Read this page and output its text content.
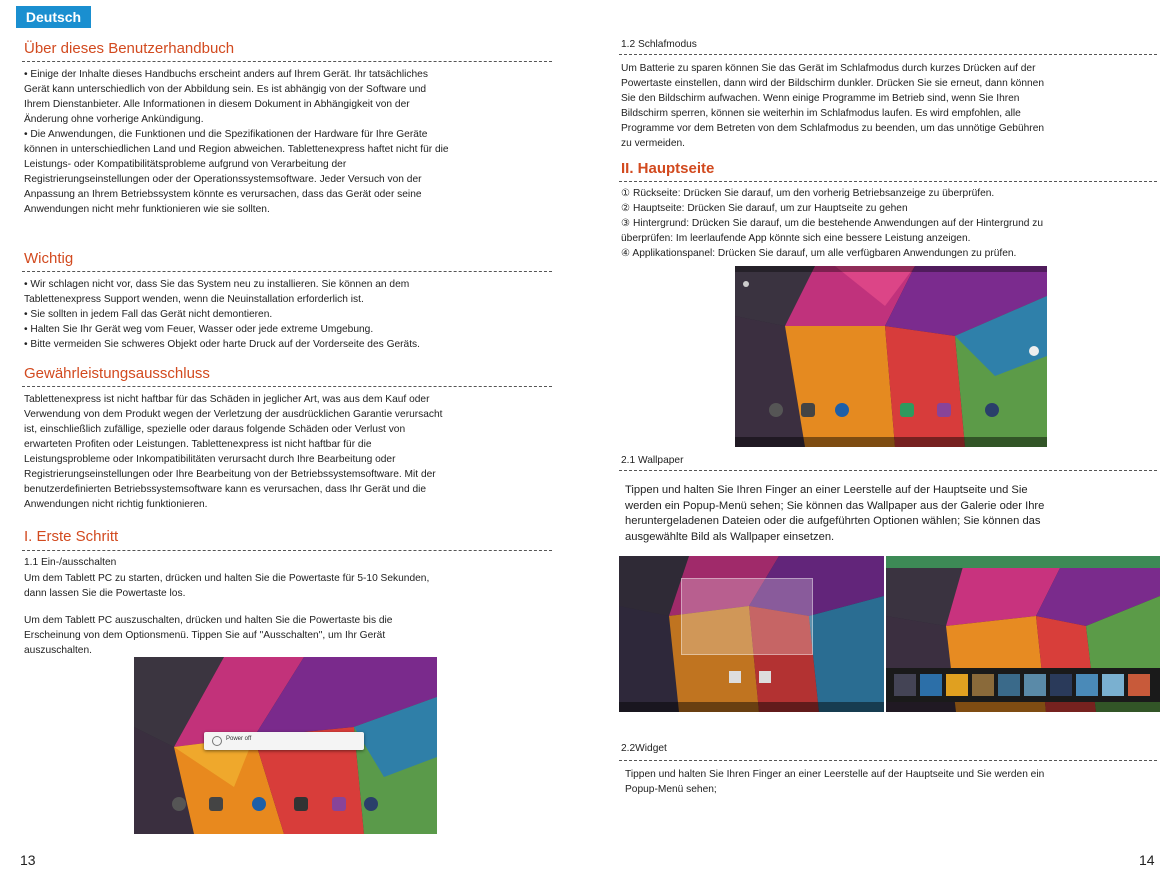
Deutsch
Über dieses Benutzerhandbuch
• Einige der Inhalte dieses Handbuchs erscheint anders auf Ihrem Gerät. Ihr tatsächliches
Gerät kann unterschiedlich von der Abbildung sein. Es ist abhängig von der Software und
Ihrem Dienstanbieter. Alle Informationen in diesem Dokument in Abhängigkeit von der
Änderung ohne vorherige Ankündigung.
• Die Anwendungen, die Funktionen und die Spezifikationen der Hardware für Ihre Geräte
können in unterschiedlichen Land und Region abweichen. Tablettenexpress haftet nicht für die
Leistungs- oder Kompatibilitätsprobleme aufgrund von Verarbeitung der
Registrierungseinstellungen oder der Operationssystemsoftware. Jeder Versuch von der
Anpassung an Ihrem Betriebssystem könnte es verursachen, dass das Gerät oder seine
Anwendungen nicht mehr funktionieren wie sie sollten.
Wichtig
• Wir schlagen nicht vor, dass Sie das System neu zu installieren. Sie können an dem
Tablettenexpress Support wenden, wenn die Neuinstallation erforderlich ist.
• Sie sollten in jedem Fall das Gerät nicht demontieren.
• Halten Sie Ihr Gerät weg vom Feuer, Wasser oder jede extreme Umgebung.
• Bitte vermeiden Sie schweres Objekt oder harte Druck auf der Vorderseite des Geräts.
Gewährleistungsausschluss
Tablettenexpress ist nicht haftbar für das Schäden in jeglicher Art, was aus dem Kauf oder
Verwendung von dem Produkt wegen der Verletzung der ausdrücklichen Garantie verursacht
ist, einschließlich zufällige, spezielle oder daraus folgende Schäden oder Verlust von
erwarteten Profiten oder Leistungen. Tablettenexpress ist nicht haftbar für die
Leistungsprobleme oder Inkompatibilitäten verursacht durch Ihre Bearbeitung oder
Registrierungseinstellungen oder Ihre Bearbeitung von der Betriebssystemsoftware. Mit der
benutzerdefinierten Betriebssystemsoftware kann es verursachen, dass Ihr Gerät und die
Anwendungen nicht richtig funktionieren.
I. Erste Schritt
1.1 Ein-/ausschalten
Um dem Tablett PC zu starten, drücken und halten Sie die Powertaste für 5-10 Sekunden,
dann lassen Sie die Powertaste los.
Um dem Tablett PC auszuschalten, drücken und halten Sie die Powertaste bis die
Erscheinung von dem Optionsmenü. Tippen Sie auf "Ausschalten", um Ihr Gerät
auszuschalten.
Power off
13
1.2 Schlafmodus
Um Batterie zu sparen können Sie das Gerät im Schlafmodus durch kurzes Drücken auf der
Powertaste einstellen, dann wird der Bildschirm dunkler. Drücken Sie sie erneut, dann können
Sie den Bildschirm aufwachen. Wenn einige Programme im Betrieb sind, wenn Sie Ihren
Bildschirm sperren, können sie weiterhin im Schlafmodus laufen. Es wird empfohlen, alle
Programme vor dem Betreten von dem Schlafmodus zu beenden, um das unnötige Gebühren
zu vermeiden.
II. Hauptseite
① Rückseite: Drücken Sie darauf, um den vorherig Betriebsanzeige zu überprüfen.
② Hauptseite: Drücken Sie darauf, um zur Hauptseite zu gehen
③ Hintergrund: Drücken Sie darauf, um die bestehende Anwendungen auf der Hintergrund zu
überprüfen: Im leerlaufende App könnte sich eine bessere Leistung anzeigen.
④ Applikationspanel: Drücken Sie darauf, um alle verfügbaren Anwendungen zu prüfen.
2.1 Wallpaper
Tippen und halten Sie Ihren Finger an einer Leerstelle auf der Hauptseite und Sie
werden ein Popup-Menü sehen; Sie können das Wallpaper aus der Galerie oder Ihre
heruntergeladenen Dateien oder die aufgeführten Optionen wählen; Sie können das
ausgewählte Bild als Wallpaper einsetzen.
2.2Widget
Tippen und halten Sie Ihren Finger an einer Leerstelle auf der Hauptseite und Sie werden ein
Popup-Menü sehen;
14
